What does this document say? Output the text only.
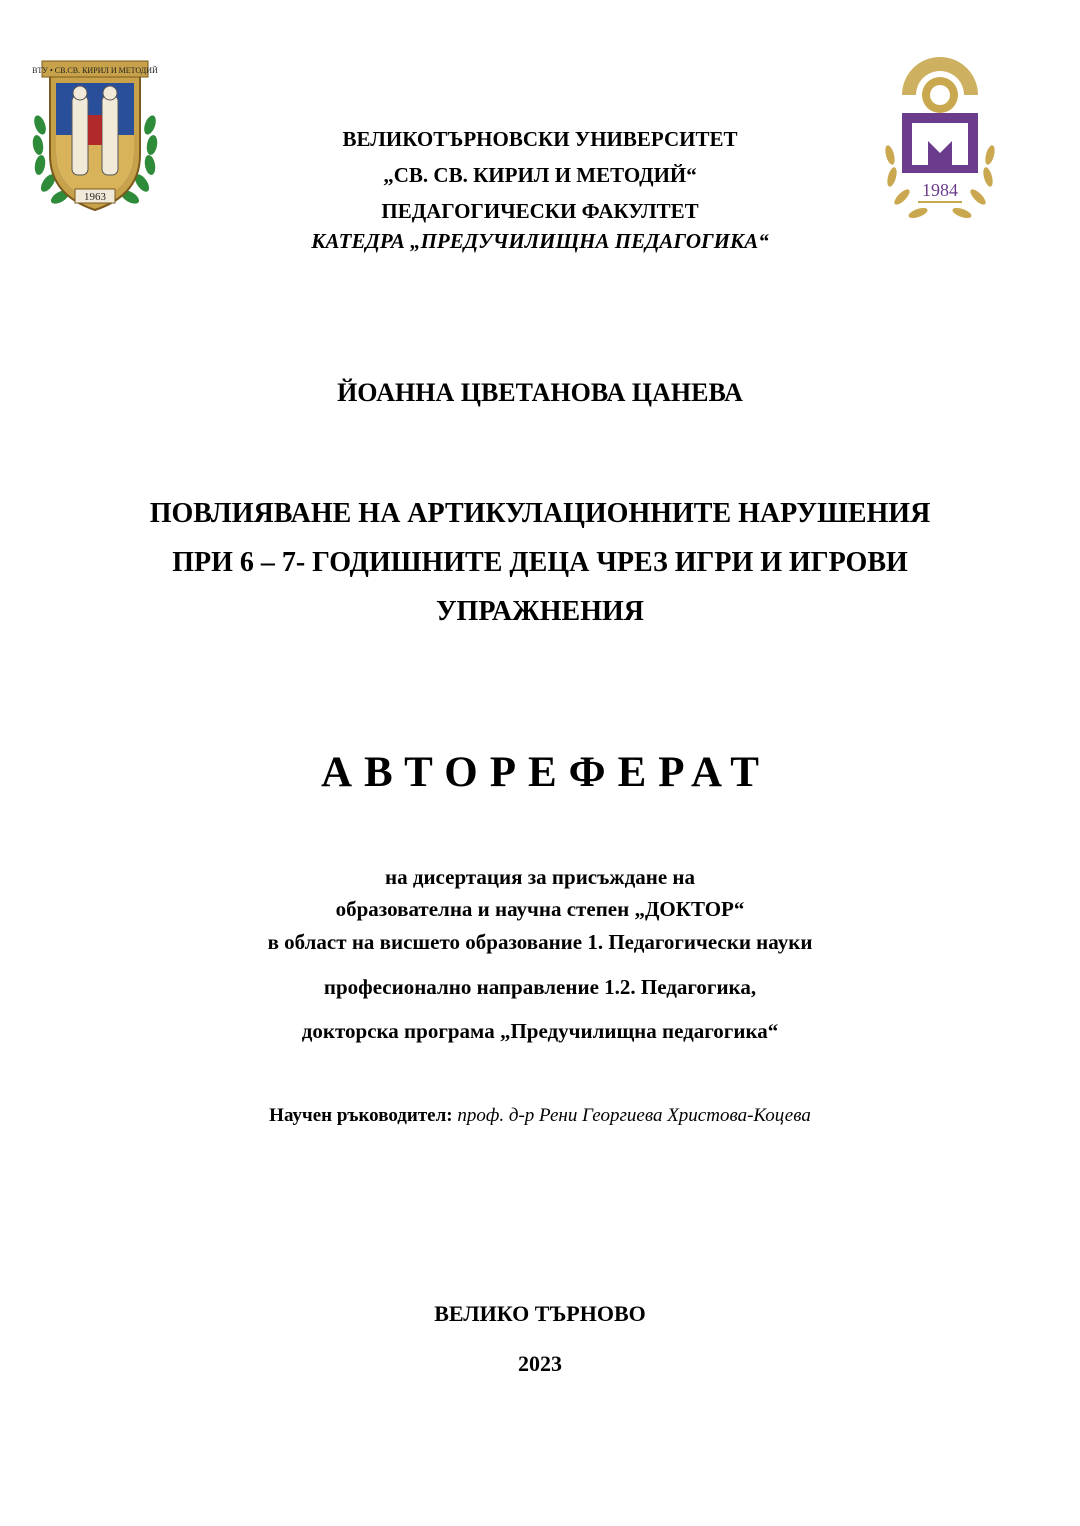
ВТУ • СВ.СВ. КИРИЛ И МЕТОДИЙ
1963	1984
ВЕЛИКОТЪРНОВСКИ УНИВЕРСИТЕТ
„СВ. СВ. КИРИЛ И МЕТОДИЙ“
ПЕДАГОГИЧЕСКИ ФАКУЛТЕТ
КАТЕДРА „ПРЕДУЧИЛИЩНА ПЕДАГОГИКА“
ЙОАННА ЦВЕТАНОВА ЦАНЕВА
ПОВЛИЯВАНЕ НА АРТИКУЛАЦИОННИТЕ НАРУШЕНИЯ
ПРИ 6 – 7- ГОДИШНИТЕ ДЕЦА ЧРЕЗ ИГРИ И ИГРОВИ
УПРАЖНЕНИЯ
АВТОРЕФЕРАТ
на дисертация за присъждане на
образователна и научна степен „ДОКТОР“
в област на висшето образование 1. Педагогически науки
професионално направление 1.2. Педагогика,
докторска програма „Предучилищна педагогика“
Научен ръководител: проф. д-р Рени Георгиева Христова-Коцева
ВЕЛИКО ТЪРНОВО
2023
